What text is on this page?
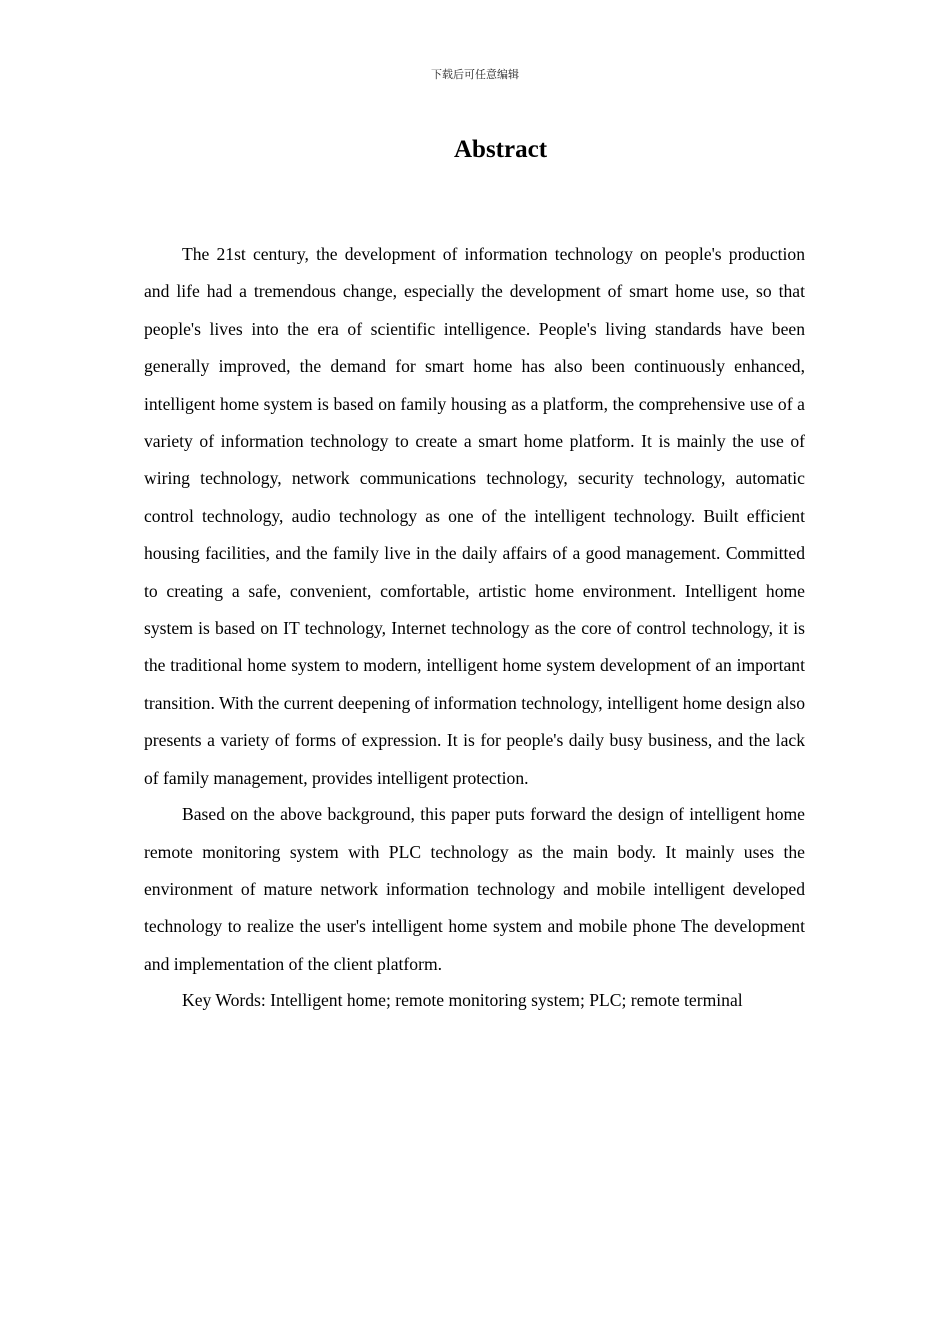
下载后可任意编辑
Abstract

The 21st century, the development of information technology on people's production and life had a tremendous change, especially the development of smart home use, so that people's lives into the era of scientific intelligence. People's living standards have been generally improved, the demand for smart home has also been continuously enhanced, intelligent home system is based on family housing as a platform, the comprehensive use of a variety of information technology to create a smart home platform. It is mainly the use of wiring technology, network communications technology, security technology, automatic control technology, audio technology as one of the intelligent technology. Built efficient housing facilities, and the family live in the daily affairs of a good management. Committed to creating a safe, convenient, comfortable, artistic home environment. Intelligent home system is based on IT technology, Internet technology as the core of control technology, it is the traditional home system to modern, intelligent home system development of an important transition. With the current deepening of information technology, intelligent home design also presents a variety of forms of expression. It is for people's daily busy business, and the lack of family management, provides intelligent protection.

Based on the above background, this paper puts forward the design of intelligent home remote monitoring system with PLC technology as the main body. It mainly uses the environment of mature network information technology and mobile intelligent developed technology to realize the user's intelligent home system and mobile phone The development and implementation of the client platform.

Key Words: Intelligent home; remote monitoring system; PLC; remote terminal
